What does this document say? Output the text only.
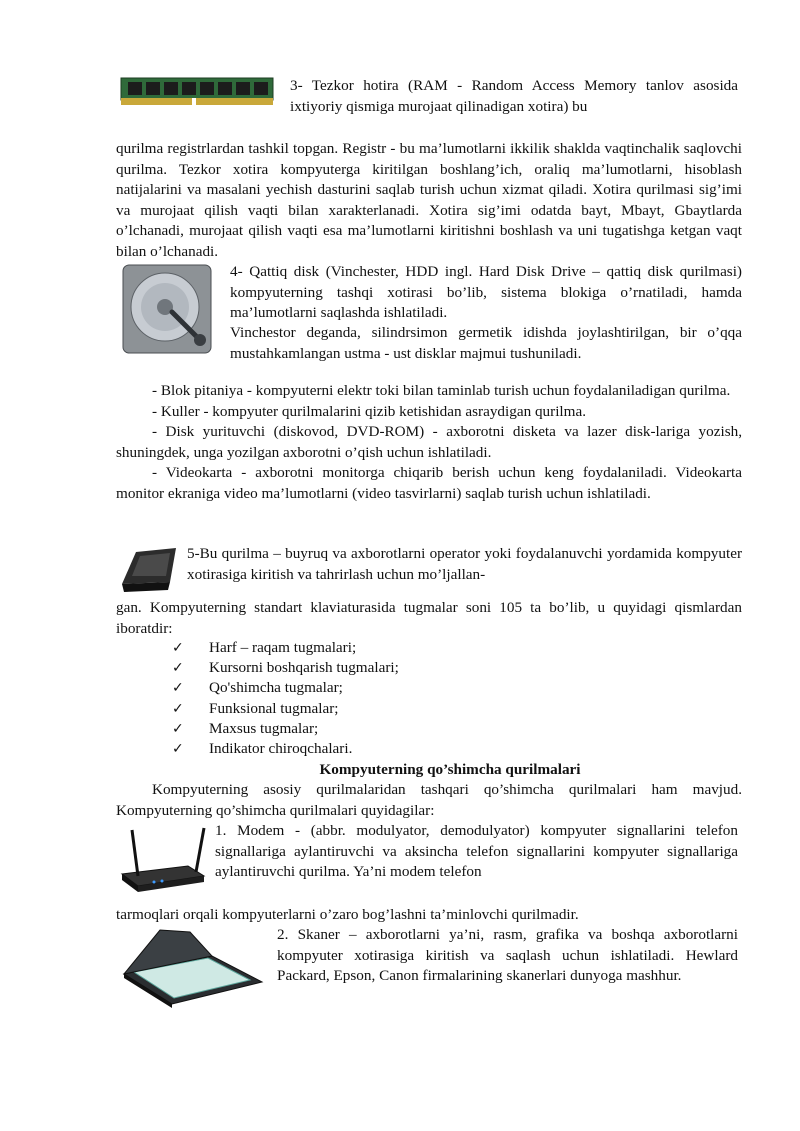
3- Tezkor hotira (RAM - Random Access Memory tanlov asosida ixtiyoriy qismiga murojaat qilinadigan xotira) bu
qurilma registrlardan tashkil topgan. Registr - bu ma’lumotlarni ikkilik shaklda vaqtinchalik saqlovchi qurilma. Tezkor xotira kompyuterga kiritilgan boshlang’ich, oraliq ma’lumotlarni, hisoblash natijalarini va masalani yechish dasturini saqlab turish uchun xizmat qiladi. Xotira qurilmasi sig’imi va murojaat qilish vaqti bilan xarakterlanadi. Xotira sig’imi odatda bayt, Mbayt, Gbaytlarda o’lchanadi, murojaat qilish vaqti esa ma’lumotlarni kiritishni boshlash va uni tugatishga ketgan vaqt bilan o’lchanadi.
4- Qattiq disk (Vinchester, HDD ingl. Hard Disk Drive – qattiq disk qurilmasi) kompyuterning tashqi xotirasi bo’lib, sistema blokiga o’rnatiladi, hamda ma’lumotlarni saqlashda ishlatiladi.
Vinchestor deganda, silindrsimon germetik idishda joylashtirilgan, bir o’qqa mustahkamlangan ustma - ust disklar majmui tushuniladi.

- Blok pitaniya - kompyuterni elektr toki bilan taminlab turish uchun foydalaniladigan qurilma.

- Kuller - kompyuter qurilmalarini qizib ketishidan asraydigan qurilma.

- Disk yurituvchi (diskovod, DVD-ROM) - axborotni disketa va lazer disk-lariga yozish, shuningdek, unga yozilgan axborotni o’qish uchun ishlatiladi.

- Videokarta - axborotni monitorga chiqarib berish uchun keng foydalaniladi. Videokarta monitor ekraniga video ma’lumotlarni (video tasvirlarni) saqlab turish uchun ishlatiladi.

5-Bu qurilma – buyruq va axborotlarni operator yoki foydalanuvchi yordamida kompyuter xotirasiga kiritish va tahrirlash uchun mo’ljallan-
gan. Kompyuterning standart klaviaturasida tugmalar soni 105 ta bo’lib, u quyidagi qismlardan iboratdir:
✓ Harf – raqam tugmalari;
✓ Kursorni boshqarish tugmalari;
✓ Qo'shimcha tugmalar;
✓ Funksional tugmalar;
✓ Maxsus tugmalar;
✓ Indikator chiroqchalari.
Kompyuterning qo’shimcha qurilmalari

Kompyuterning asosiy qurilmalaridan tashqari qo’shimcha qurilmalari ham mavjud. Kompyuterning qo’shimcha qurilmalari quyidagilar:

1. Modem - (abbr. modulyator, demodulyator) kompyuter signallarini telefon signallariga aylantiruvchi va aksincha telefon signallarini kompyuter signallariga aylantiruvchi qurilma. Ya’ni modem telefon
tarmoqlari orqali kompyuterlarni o’zaro bog’lashni ta’minlovchi qurilmadir.
2. Skaner – axborotlarni ya’ni, rasm, grafika va boshqa axborotlarni kompyuter xotirasiga kiritish va saqlash uchun ishlatiladi. Hewlard Packard, Epson, Canon firmalarining skanerlari dunyoga mashhur.
